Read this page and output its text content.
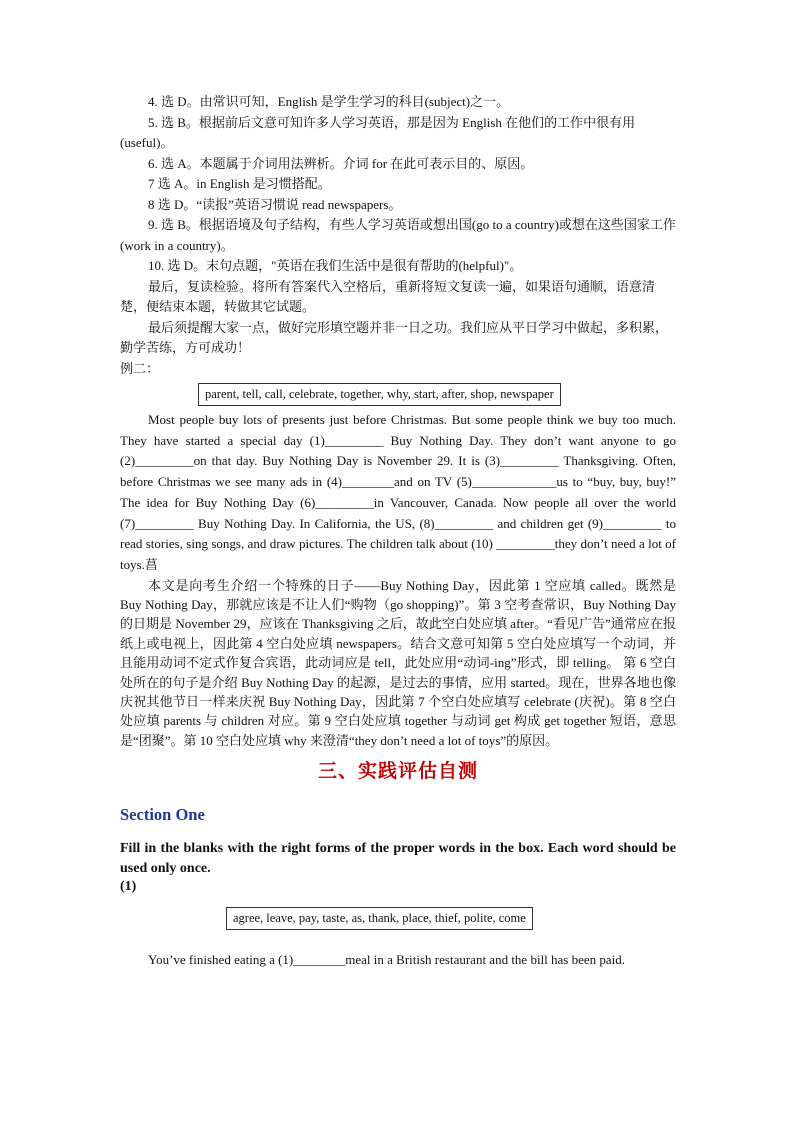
4. 选 D。由常识可知，English 是学生学习的科目(subject)之一。

5. 选 B。根据前后文意可知许多人学习英语，那是因为 English 在他们的工作中很有用(useful)。

6. 选 A。本题属于介词用法辨析。介词 for 在此可表示目的、原因。

7 选 A。in English 是习惯搭配。

8 选 D。“读报”英语习惯说 read newspapers。

9. 选 B。根据语境及句子结构，有些人学习英语或想出国(go to a country)或想在这些国家工作(work in a country)。

10. 选 D。末句点题，"英语在我们生活中是很有帮助的(helpful)"。

最后，复读检验。将所有答案代入空格后，重新将短文复读一遍，如果语句通顺，语意清楚，便结束本题，转做其它试题。

最后须提醒大家一点，做好完形填空题并非一日之功。我们应从平日学习中做起，多积累，勤学苦练，方可成功！

例二：

parent, tell, call, celebrate, together, why, start, after, shop, newspaper

Most people buy lots of presents just before Christmas. But some people think we buy too much. They have started a special day (1)_________ Buy Nothing Day. They don’t want anyone to go (2)_________on that day. Buy Nothing Day is November 29. It is (3)_________ Thanksgiving. Often, before Christmas we see many ads in (4)________and on TV (5)_____________us to “buy, buy, buy!” The idea for Buy Nothing Day (6)_________in Vancouver, Canada. Now people all over the world (7)_________ Buy Nothing Day. In California, the US, (8)_________ and children get (9)_________ to read stories, sing songs, and draw pictures. The children talk about (10) _________they don’t need a lot of toys.菖

本文是向考生介绍一个特殊的日子——Buy Nothing Day，因此第 1 空应填 called。既然是 Buy Nothing Day，那就应该是不让人们“购物（go shopping)”。第 3 空考查常识，Buy Nothing Day 的日期是 November 29，应该在 Thanksgiving 之后，故此空白处应填 after。“看见广告”通常应在报纸上或电视上，因此第 4 空白处应填 newspapers。结合文意可知第 5 空白处应填写一个动词，并且能用动词不定式作复合宾语，此动词应是 tell，此处应用“动词-ing”形式，即 telling。 第 6 空白处所在的句子是介绍 Buy Nothing Day 的起源，是过去的事情，应用 started。现在，世界各地也像庆祝其他节日一样来庆祝 Buy Nothing Day，因此第 7 个空白处应填写 celebrate (庆祝)。第 8 空白处应填 parents 与 children 对应。第 9 空白处应填 together 与动词 get 构成 get together 短语，意思是“团聚”。第 10 空白处应填 why 来澄清“they don’t need a lot of toys”的原因。

三、实践评估自测
Section One

Fill in the blanks with the right forms of the proper words in the box. Each word should be used only once.

(1)

agree, leave, pay, taste, as, thank, place, thief, polite, come

You’ve finished eating a (1)________meal in a British restaurant and the bill has been paid.
